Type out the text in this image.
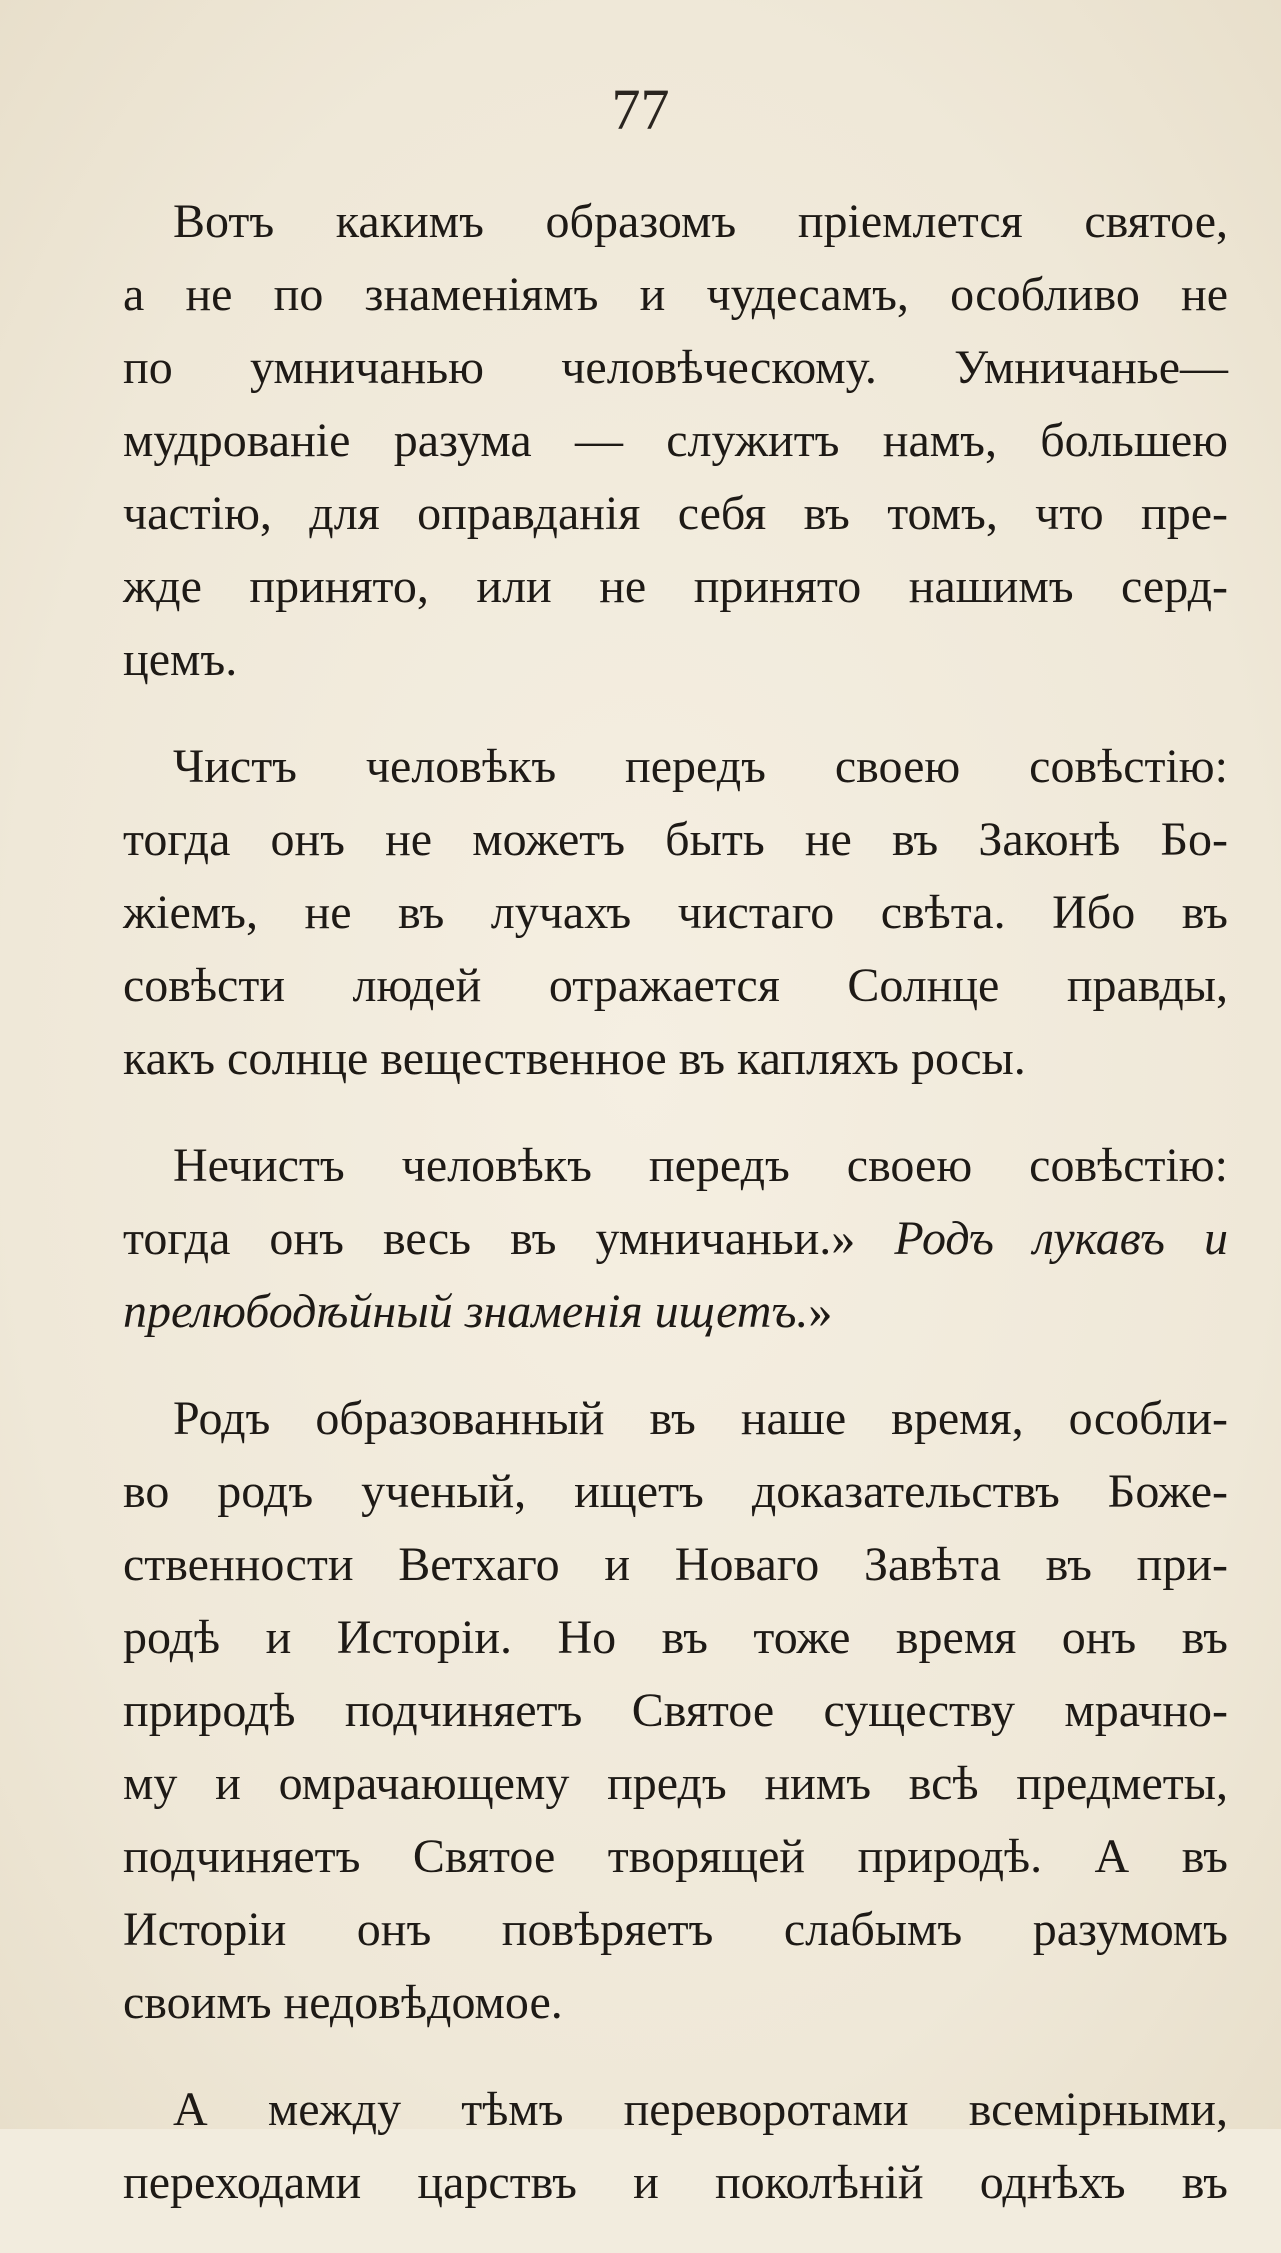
77
Вотъ какимъ образомъ пріемлется святое,
а не по знаменіямъ и чудесамъ, особливо не
по умничанью человѣческому. Умничанье—
мудрованіе разума — служитъ намъ, большею
частію, для оправданія себя въ томъ, что пре-
жде принято, или не принято нашимъ серд-
цемъ.
Чистъ человѣкъ передъ своею совѣстію:
тогда онъ не можетъ быть не въ Законѣ Бо-
жіемъ, не въ лучахъ чистаго свѣта. Ибо въ
совѣсти людей отражается Солнце правды,
какъ солнце вещественное въ капляхъ росы.
Нечистъ человѣкъ передъ своею совѣстію:
тогда онъ весь въ умничаньи.» Родъ лукавъ и
прелюбодѣйный знаменія ищетъ.»
Родъ образованный въ наше время, особли-
во родъ ученый, ищетъ доказательствъ Боже-
ственности Ветхаго и Новаго Завѣта въ при-
родѣ и Исторіи. Но въ тоже время онъ въ
природѣ подчиняетъ Святое существу мрачно-
му и омрачающему предъ нимъ всѣ предметы,
подчиняетъ Святое творящей природѣ. А въ
Исторіи онъ повѣряетъ слабымъ разумомъ
своимъ недовѣдомое.
А между тѣмъ переворотами всемірными,
переходами царствъ и поколѣній однѣхъ въ
